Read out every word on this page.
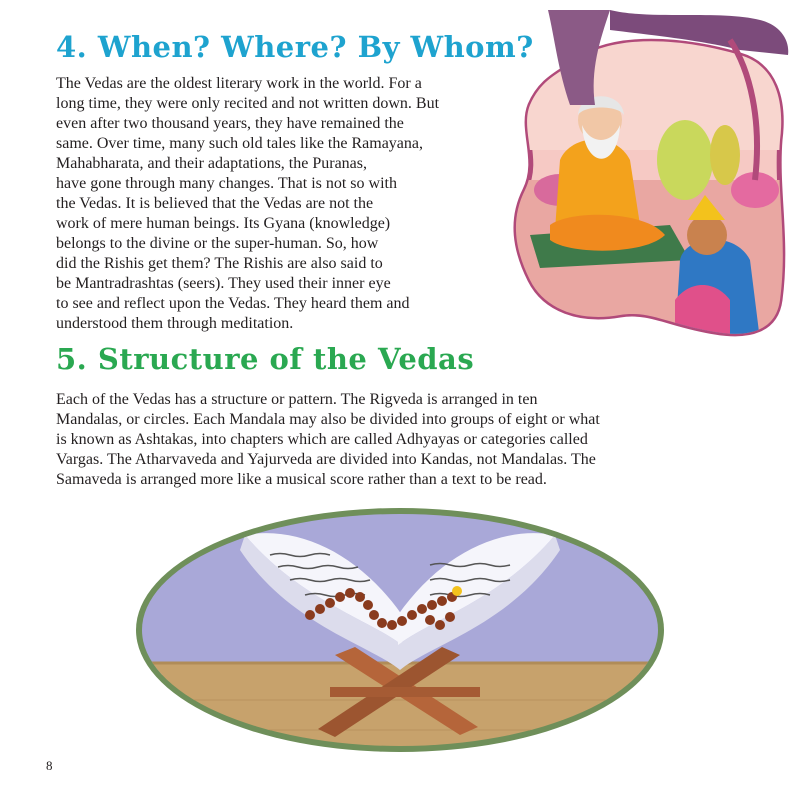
4. When? Where? By Whom?
The Vedas are the oldest literary work in the world. For a
long time, they were only recited and not written down. But
even after two thousand years, they have remained the
same. Over time, many such old tales like the Ramayana,
Mahabharata, and their adaptations, the Puranas,
have gone through many changes. That is not so with
the Vedas. It is believed that the Vedas are not the
work of mere human beings. Its Gyana (knowledge)
belongs to the divine or the super-human. So, how
did the Rishis get them? The Rishis are also said to
be Mantradrashtas (seers). They used their inner eye
to see and reflect upon the Vedas. They heard them and
understood them through meditation.
5. Structure of the Vedas
Each of the Vedas has a structure or pattern. The Rigveda is arranged in ten
Mandalas, or circles. Each Mandala may also be divided into groups of eight or what
is known as Ashtakas, into chapters which are called Adhyayas or categories called
Vargas. The Atharvaveda and Yajurveda are divided into Kandas, not Mandalas. The
Samaveda is arranged more like a musical score rather than a text to be read.
8
